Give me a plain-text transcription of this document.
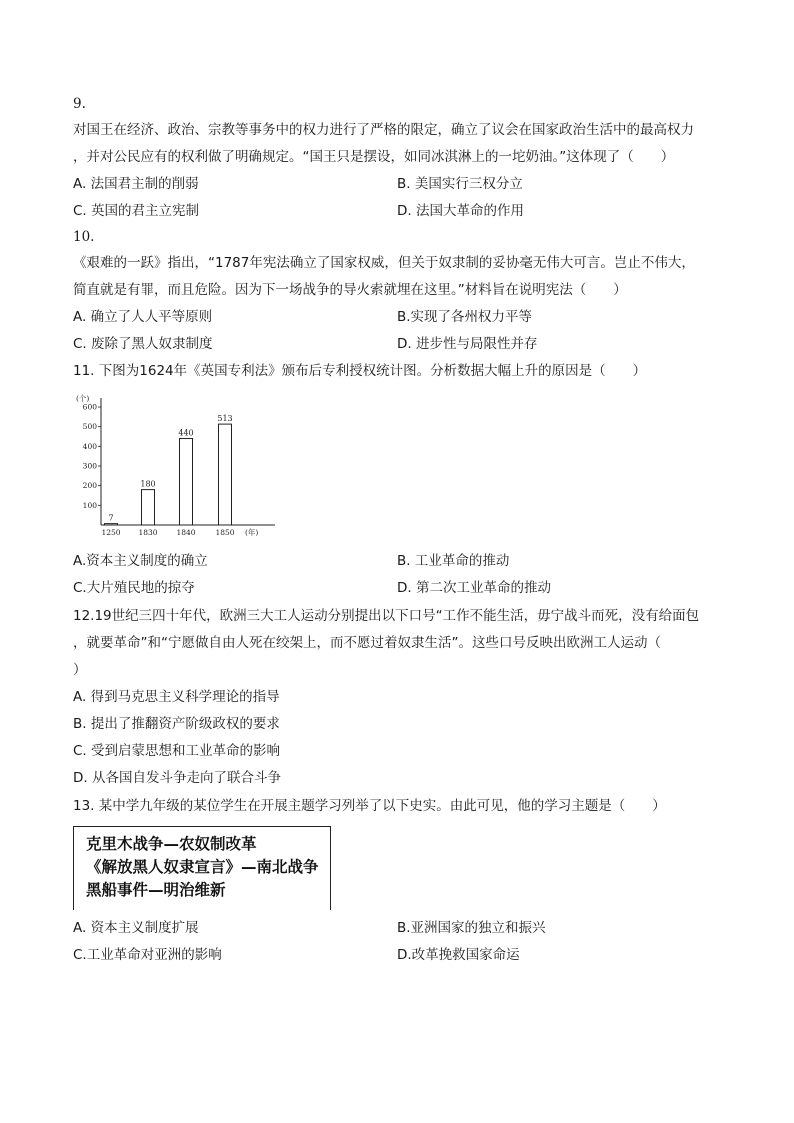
9.
对国王在经济、政治、宗教等事务中的权力进行了严格的限定，确立了议会在国家政治生活中的最高权力
，并对公民应有的权利做了明确规定。“国王只是摆设，如同冰淇淋上的一坨奶油。”这体现了（　　）
A. 法国君主制的削弱	B. 美国实行三权分立
C. 英国的君主立宪制	D. 法国大革命的作用
10.
《艰难的一跃》指出，“1787年宪法确立了国家权威，但关于奴隶制的妥协毫无伟大可言。岂止不伟大，
简直就是有罪，而且危险。因为下一场战争的导火索就埋在这里。”材料旨在说明宪法（　　）
A. 确立了人人平等原则	B.实现了各州权力平等
C. 废除了黑人奴隶制度	D. 进步性与局限性并存
11. 下图为1624年《英国专利法》颁布后专利授权统计图。分析数据大幅上升的原因是（　　）
100
200
300
400
500
600
(个)
7
1250
180
1830
440
1840
513
1850 (年)
A.资本主义制度的确立	B. 工业革命的推动
C.大片殖民地的掠夺	D. 第二次工业革命的推动
12.19世纪三四十年代，欧洲三大工人运动分别提出以下口号“工作不能生活，毋宁战斗而死，没有给面包
，就要革命”和“宁愿做自由人死在绞架上，而不愿过着奴隶生活”。这些口号反映出欧洲工人运动（
）
A. 得到马克思主义科学理论的指导
B. 提出了推翻资产阶级政权的要求
C. 受到启蒙思想和工业革命的影响
D. 从各国自发斗争走向了联合斗争
13. 某中学九年级的某位学生在开展主题学习列举了以下史实。由此可见，他的学习主题是（　　）
克里木战争—农奴制改革
《解放黑人奴隶宣言》—南北战争
黑船事件—明治维新
A. 资本主义制度扩展	B.亚洲国家的独立和振兴
C.工业革命对亚洲的影响	D.改革挽救国家命运
